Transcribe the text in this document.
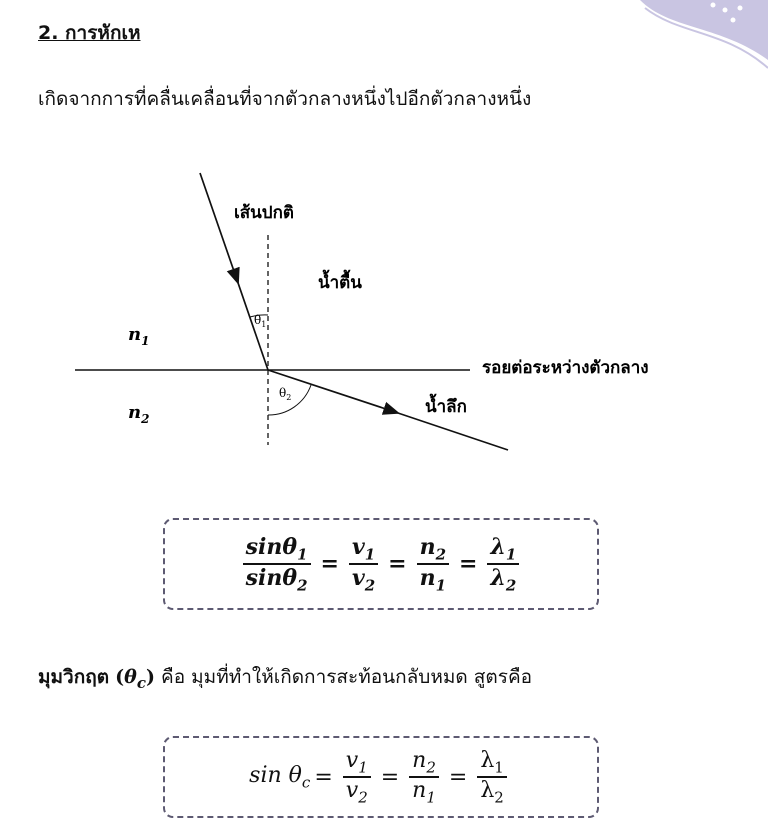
2. การหักเห
เกิดจากการที่คลื่นเคลื่อนที่จากตัวกลางหนึ่งไปอีกตัวกลางหนึ่ง
เส้นปกติ
น้ำตื้น
น้ำลึก
รอยต่อระหว่างตัวกลาง
$n_1$
$n_2$
$\theta_1$
$\theta_2$
$\frac{\sin\theta_1}{\sin\theta_2} = \frac{v_1}{v_2} = \frac{n_2}{n_1} = \frac{\lambda_1}{\lambda_2}$
มุมวิกฤต $(\theta_c)$ คือ มุมที่ทำให้เกิดการสะท้อนกลับหมด สูตรคือ
$\sin \theta_c = \frac{v_1}{v_2} = \frac{n_2}{n_1} = \frac{\lambda_1}{\lambda_2}$
